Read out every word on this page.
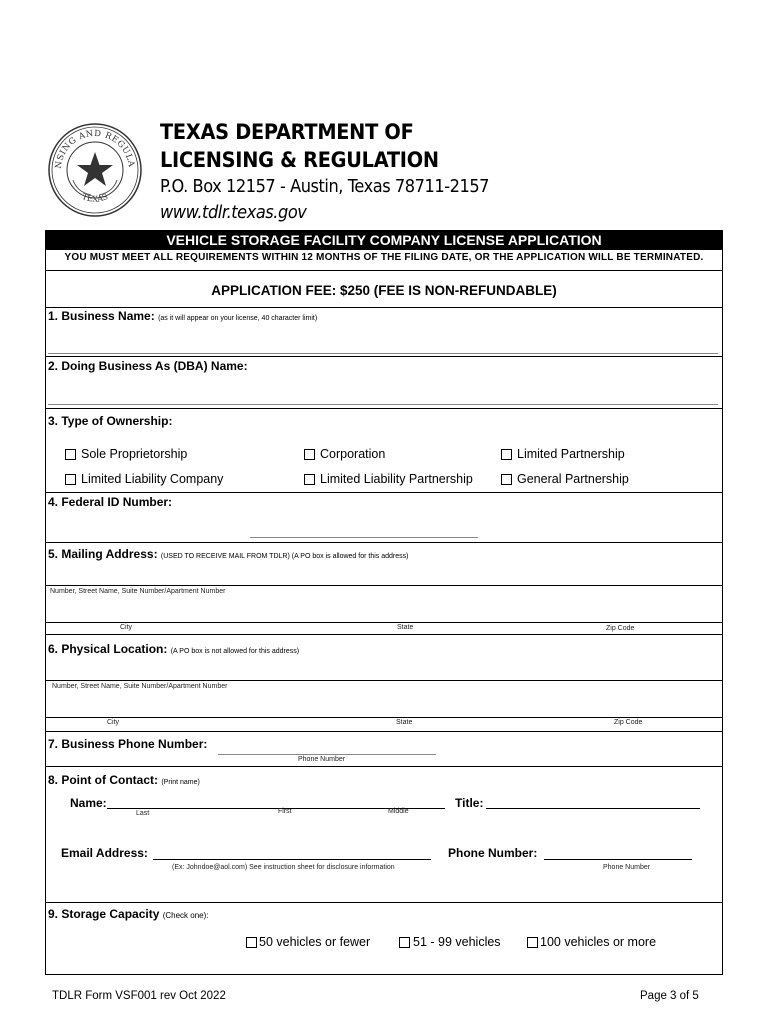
NSING AND REGULA
TEXAS
TEXAS DEPARTMENT OF
LICENSING & REGULATION
P.O. Box 12157 - Austin, Texas 78711-2157
www.tdlr.texas.gov
VEHICLE STORAGE FACILITY COMPANY LICENSE APPLICATION
YOU MUST MEET ALL REQUIREMENTS WITHIN 12 MONTHS OF THE FILING DATE, OR THE APPLICATION WILL BE TERMINATED.
APPLICATION FEE: $250 (FEE IS NON-REFUNDABLE)
1. Business Name: (as it will appear on your license, 40 character limit)
2. Doing Business As (DBA) Name:
3. Type of Ownership:
Sole Proprietorship	Corporation	Limited Partnership
Limited Liability Company	Limited Liability Partnership	General Partnership
4. Federal ID Number:
5. Mailing Address: (USED TO RECEIVE MAIL FROM TDLR) (A PO box is allowed for this address)
Number, Street Name, Suite Number/Apartment Number
City	State	Zip Code
6. Physical Location: (A PO box is not allowed for this address)
Number, Street Name, Suite Number/Apartment Number
City	State	Zip Code
7. Business Phone Number:
Phone Number
8. Point of Contact: (Print name)
Name:
Last	First	Middle
Title:
Email Address:
(Ex: Johndoe@aol.com) See instruction sheet for disclosure information
Phone Number:
Phone Number
9. Storage Capacity (Check one):
50 vehicles or fewer	51 - 99 vehicles	100 vehicles or more
TDLR Form VSF001 rev Oct 2022	Page 3 of 5
